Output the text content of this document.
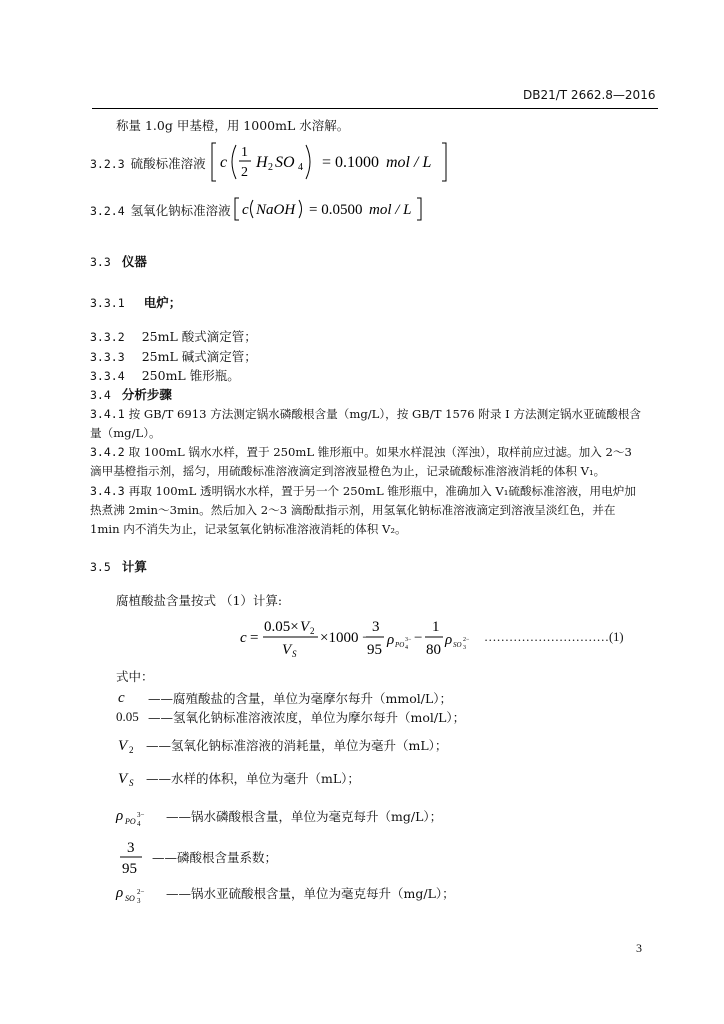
DB21/T 2662.8—2016
称量 1.0g 甲基橙，用 1000mL 水溶解。
3.2.3 硫酸标准溶液 c
1
2
H 2 SO 4 = 0.1000 mol / L
3.2.4 氢氧化钠标准溶液 c NaOH = 0.0500 mol / L
3.3 仪器
3.3.1 电炉；
3.3.2 25mL 酸式滴定管；
3.3.3 25mL 碱式滴定管；
3.3.4 250mL 锥形瓶。
3.4 分析步骤
3.4.1 按 GB/T 6913 方法测定锅水磷酸根含量（mg/L），按 GB/T 1576 附录 I 方法测定锅水亚硫酸根含
量（mg/L）。
3.4.2 取 100mL 锅水水样，置于 250mL 锥形瓶中。如果水样混浊（浑浊），取样前应过滤。加入 2～3
滴甲基橙指示剂，摇匀，用硫酸标准溶液滴定到溶液显橙色为止，记录硫酸标准溶液消耗的体积 V₁。
3.4.3 再取 100mL 透明锅水水样，置于另一个 250mL 锥形瓶中，准确加入 V₁硫酸标准溶液，用电炉加
热煮沸 2min～3min。然后加入 2～3 滴酚酞指示剂，用氢氧化钠标准溶液滴定到溶液呈淡红色，并在
1min 内不消失为止，记录氢氧化钠标准溶液消耗的体积 V₂。
3.5 计算
腐植酸盐含量按式 （1）计算:
c =
0.05× V 2
V S
×1000 −
3
95
ρ PO 4
3− −
1
80
ρ SO 3
2− …………………………(1)
式中：
c	——腐殖酸盐的含量，单位为毫摩尔每升（mmol/L）；
0.05 ——氢氧化钠标准溶液浓度，单位为摩尔每升（mol/L）；
V 2 ——氢氧化钠标准溶液的消耗量，单位为毫升（mL）；
V S ——水样的体积，单位为毫升（mL）；
ρ PO 4
3− ——锅水磷酸根含量，单位为毫克每升（mg/L）；
3
95
——磷酸根含量系数；
ρ SO 3
2− ——锅水亚硫酸根含量，单位为毫克每升（mg/L）；
3
